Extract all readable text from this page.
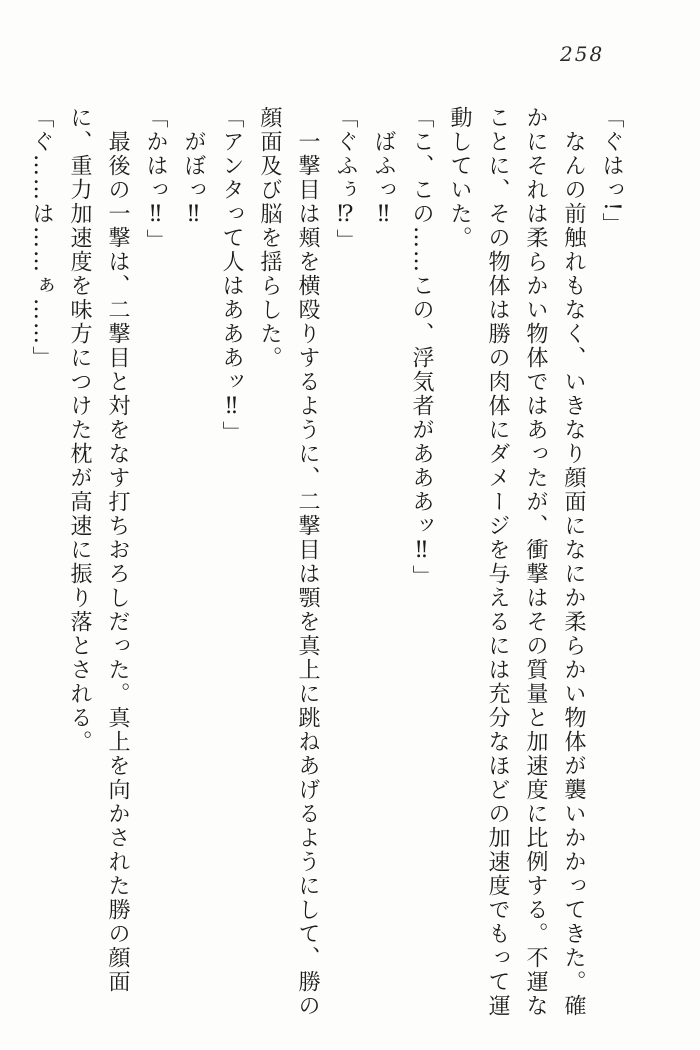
258

「ぐはっ!」

なんの前触れもなく、いきなり顔面になにか柔らかい物体が襲いかかってきた。確かにそれは柔らかい物体ではあったが、衝撃はその質量と加速度に比例する。不運なことに、その物体は勝の肉体にダメージを与えるには充分なほどの加速度でもって運動していた。

「こ、この……この、浮気者があああッ‼」

ばふっ‼

「ぐふぅ⁉」

一撃目は頬を横殴りするように、二撃目は顎を真上に跳ねあげるようにして、勝の顔面及び脳を揺らした。

「アンタって人はあああッ‼」

がぼっ‼

「かはっ‼」

最後の一撃は、二撃目と対をなす打ちおろしだった。真上を向かされた勝の顔面に、重力加速度を味方につけた枕が高速に振り落とされる。

「ぐ……は……ぁ……」
